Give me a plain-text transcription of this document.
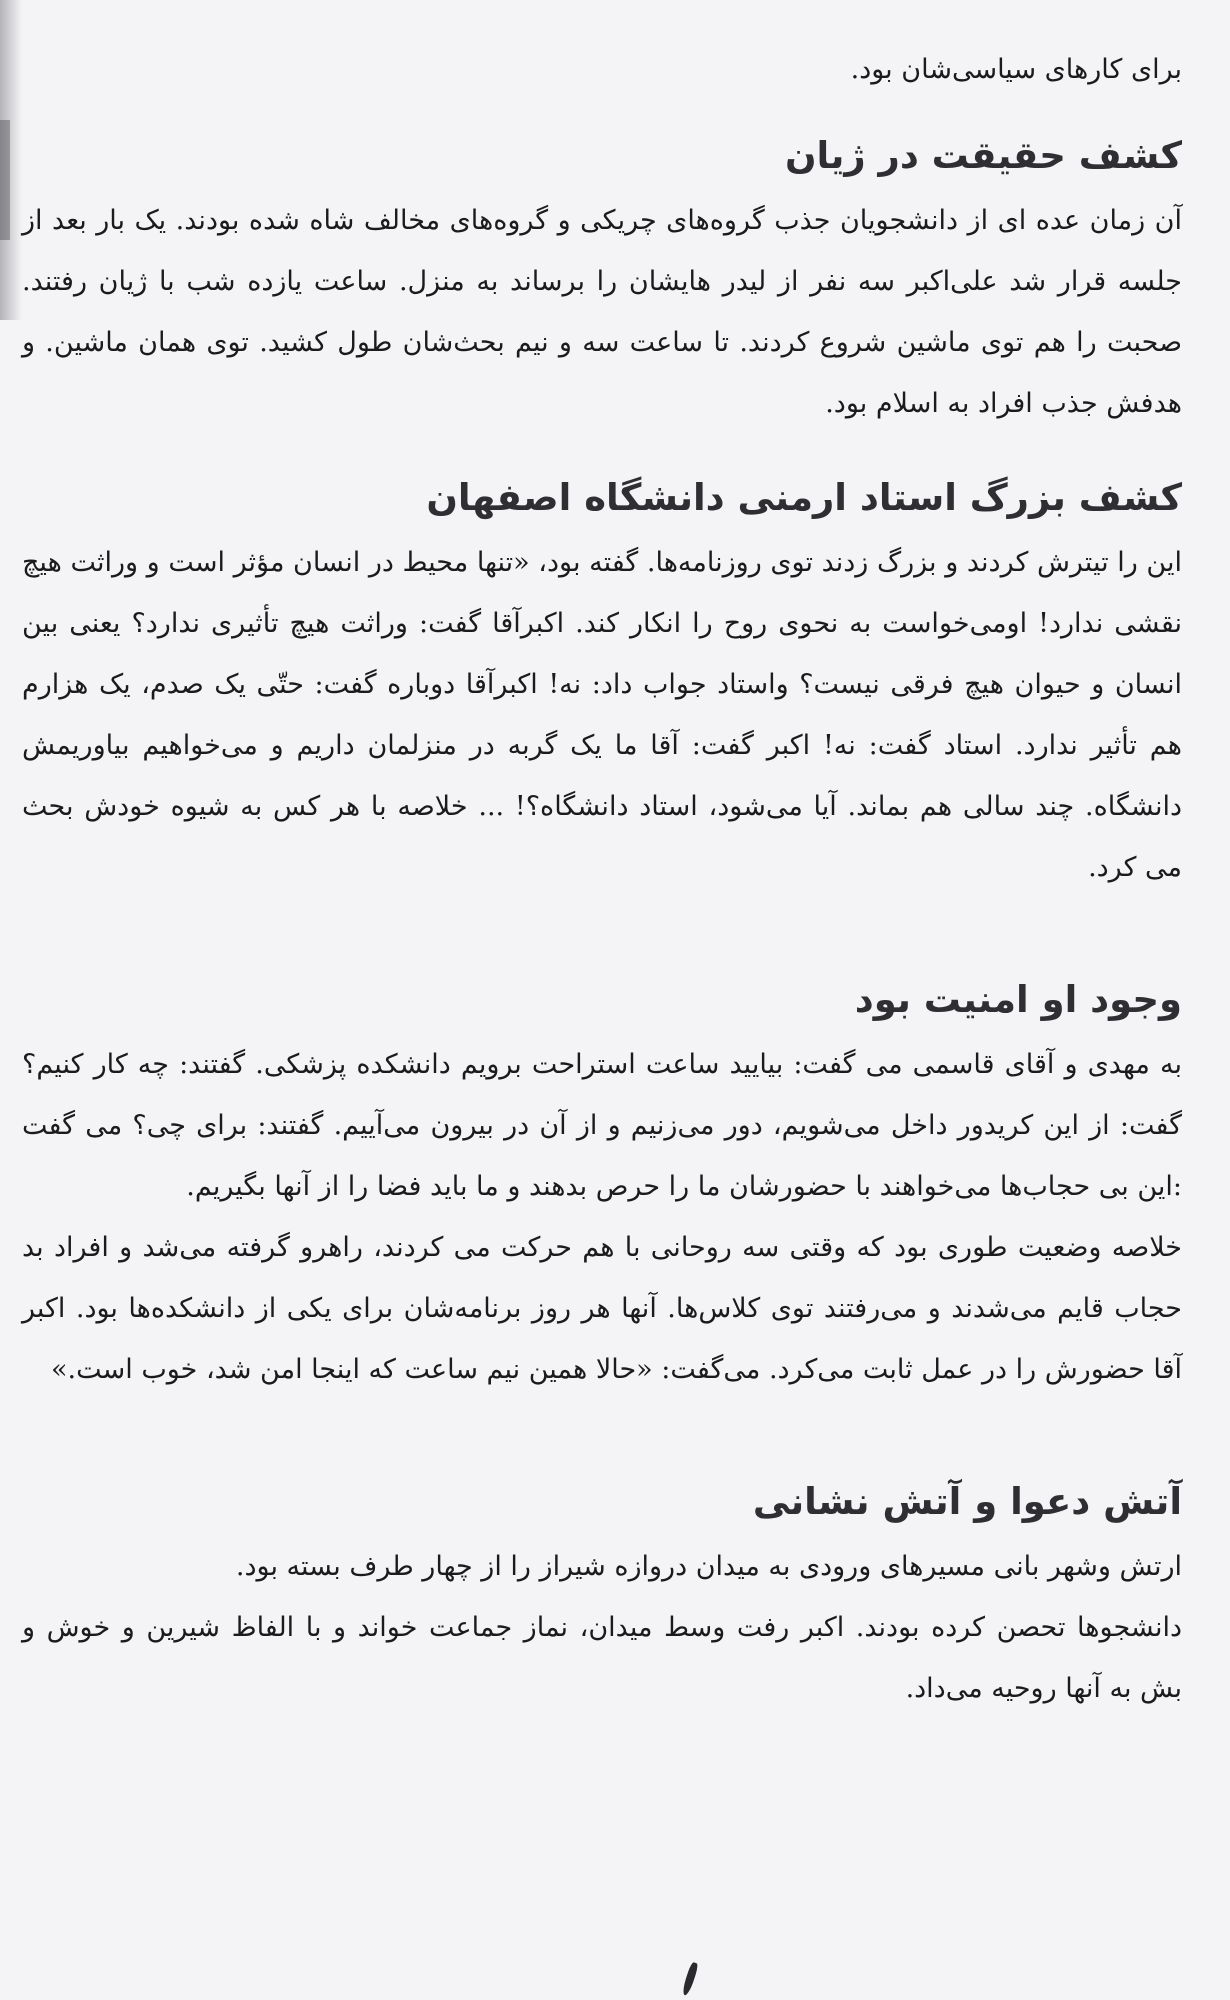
برای کارهای سیاسی‌شان بود.

کشف حقیقت در ژیان

آن زمان عده ای از دانشجویان جذب گروه‌های چریکی و گروه‌های مخالف شاه شده بودند. یک بار بعد از جلسه قرار شد علی‌اکبر سه نفر از لیدر هایشان را برساند به منزل. ساعت یازده شب با ژیان رفتند. صحبت را هم توی ماشین شروع کردند. تا ساعت سه و نیم بحث‌شان طول کشید. توی همان ماشین. و هدفش جذب افراد به اسلام بود.

کشف بزرگ استاد ارمنی دانشگاه اصفهان

این را تیترش کردند و بزرگ زدند توی روزنامه‌ها. گفته بود، «تنها محیط در انسان مؤثر است و وراثت هیچ نقشی ندارد! اومی‌خواست به نحوی روح را انکار کند. اکبرآقا گفت: وراثت هیچ تأثیری ندارد؟ یعنی بین انسان و حیوان هیچ فرقی نیست؟ واستاد جواب داد: نه! اکبرآقا دوباره گفت: حتّی یک صدم، یک هزارم هم تأثیر ندارد. استاد گفت: نه! اکبر گفت: آقا ما یک گربه در منزلمان داریم و می‌خواهیم بیاوریمش دانشگاه. چند سالی هم بماند. آیا می‌شود، استاد دانشگاه؟! ... خلاصه با هر کس به شیوه خودش بحث می کرد.

وجود او امنیت بود

به مهدی و آقای قاسمی می گفت: بیایید ساعت استراحت برویم دانشکده پزشکی. گفتند: چه کار کنیم؟ گفت: از این کریدور داخل می‌شویم، دور می‌زنیم و از آن در بیرون می‌آییم. گفتند: برای چی؟ می گفت :این بی حجاب‌ها می‌خواهند با حضورشان ما را حرص بدهند و ما باید فضا را از آنها بگیریم.

خلاصه وضعیت طوری بود که وقتی سه روحانی با هم حرکت می کردند، راهرو گرفته می‌شد و افراد بد حجاب قایم می‌شدند و می‌رفتند توی کلاس‌ها. آنها هر روز برنامه‌شان برای یکی از دانشکده‌ها بود. اکبر آقا حضورش را در عمل ثابت می‌کرد. می‌گفت: «حالا همین نیم ساعت که اینجا امن شد، خوب است.»

آتش دعوا و آتش نشانی

ارتش وشهر بانی مسیرهای ورودی به میدان دروازه شیراز را از چهار طرف بسته بود.

دانشجوها تحصن کرده بودند. اکبر رفت وسط میدان، نماز جماعت خواند و با الفاظ شیرین و خوش و بش به آنها روحیه می‌داد.
